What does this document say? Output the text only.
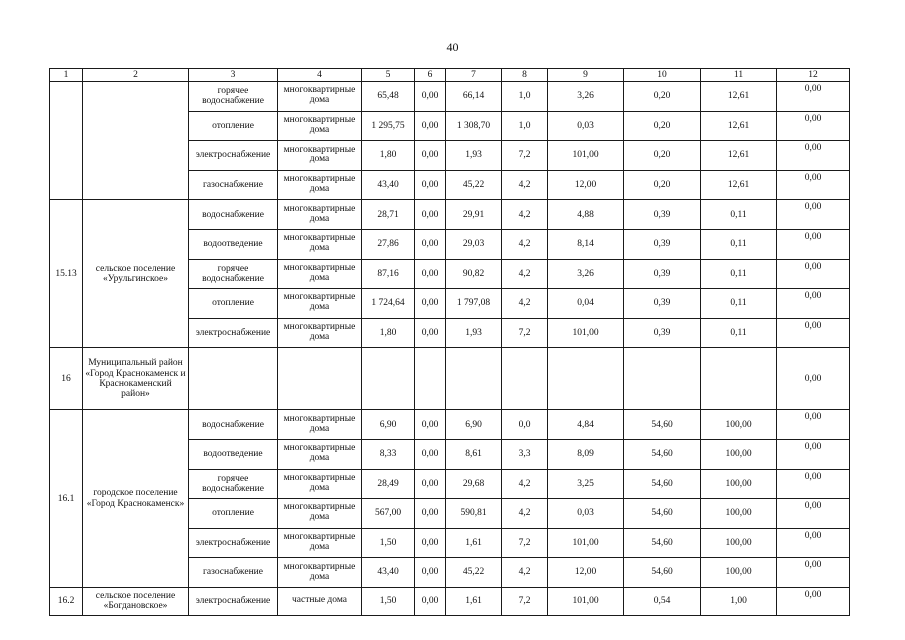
40
1	2	3	4	5	6	7	8	9	10	11	12
		горячее водоснабжение	многоквартирные дома	65,48	0,00	66,14	1,0	3,26	0,20	12,61	0,00
		отопление	многоквартирные дома	1 295,75	0,00	1 308,70	1,0	0,03	0,20	12,61	0,00
		электроснабжение	многоквартирные дома	1,80	0,00	1,93	7,2	101,00	0,20	12,61	0,00
		газоснабжение	многоквартирные дома	43,40	0,00	45,22	4,2	12,00	0,20	12,61	0,00
15.13	сельское поселение «Урульгинское»	водоснабжение	многоквартирные дома	28,71	0,00	29,91	4,2	4,88	0,39	0,11	0,00
		водоотведение	многоквартирные дома	27,86	0,00	29,03	4,2	8,14	0,39	0,11	0,00
		горячее водоснабжение	многоквартирные дома	87,16	0,00	90,82	4,2	3,26	0,39	0,11	0,00
		отопление	многоквартирные дома	1 724,64	0,00	1 797,08	4,2	0,04	0,39	0,11	0,00
		электроснабжение	многоквартирные дома	1,80	0,00	1,93	7,2	101,00	0,39	0,11	0,00
16	Муниципальный район «Город Краснокаменск и Краснокаменский район»										0,00
16.1	городское поселение «Город Краснокаменск»	водоснабжение	многоквартирные дома	6,90	0,00	6,90	0,0	4,84	54,60	100,00	0,00
		водоотведение	многоквартирные дома	8,33	0,00	8,61	3,3	8,09	54,60	100,00	0,00
		горячее водоснабжение	многоквартирные дома	28,49	0,00	29,68	4,2	3,25	54,60	100,00	0,00
		отопление	многоквартирные дома	567,00	0,00	590,81	4,2	0,03	54,60	100,00	0,00
		электроснабжение	многоквартирные дома	1,50	0,00	1,61	7,2	101,00	54,60	100,00	0,00
		газоснабжение	многоквартирные дома	43,40	0,00	45,22	4,2	12,00	54,60	100,00	0,00
16.2	сельское поселение «Богдановское»	электроснабжение	частные дома	1,50	0,00	1,61	7,2	101,00	0,54	1,00	0,00
